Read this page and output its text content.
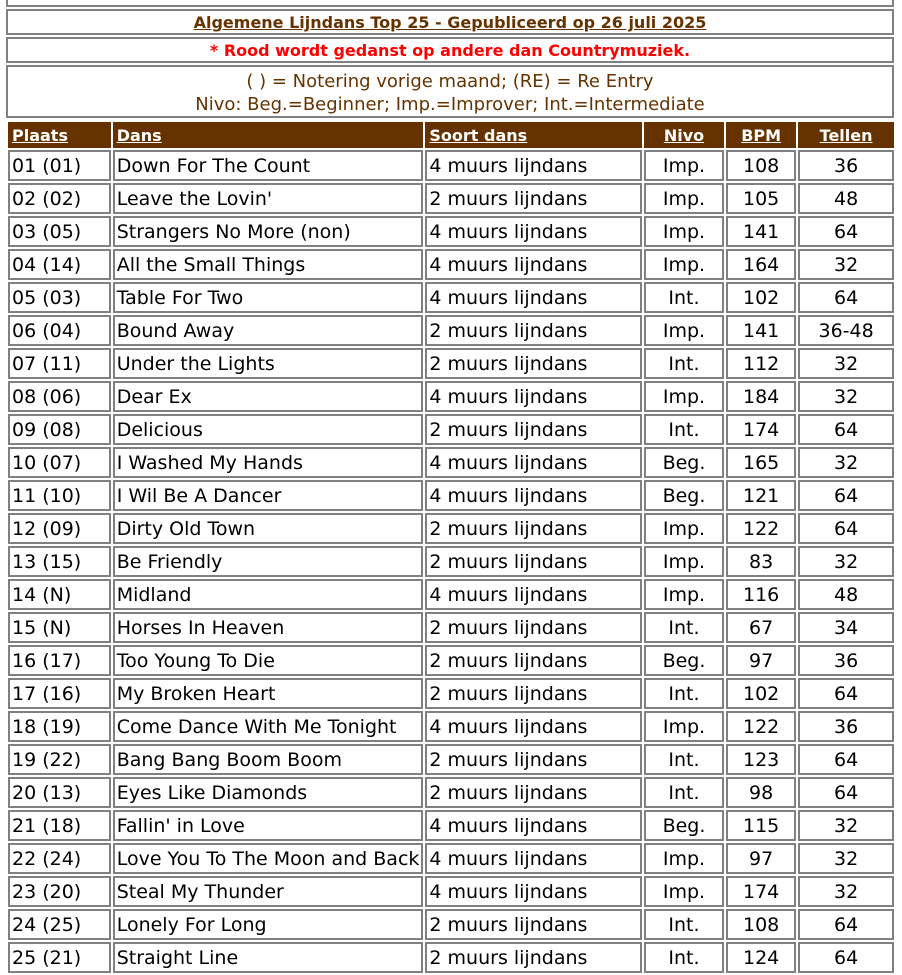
Algemene Lijndans Top 25 - Gepubliceerd op 26 juli 2025
* Rood wordt gedanst op andere dan Countrymuziek.
( ) = Notering vorige maand; (RE) = Re Entry
Nivo: Beg.=Beginner; Imp.=Improver; Int.=Intermediate
Plaats	Dans	Soort dans	Nivo	BPM	Tellen
01 (01)	Down For The Count	4 muurs lijndans	Imp.	108	36
02 (02)	Leave the Lovin'	2 muurs lijndans	Imp.	105	48
03 (05)	Strangers No More (non)	4 muurs lijndans	Imp.	141	64
04 (14)	All the Small Things	4 muurs lijndans	Imp.	164	32
05 (03)	Table For Two	4 muurs lijndans	Int.	102	64
06 (04)	Bound Away	2 muurs lijndans	Imp.	141	36-48
07 (11)	Under the Lights	2 muurs lijndans	Int.	112	32
08 (06)	Dear Ex	4 muurs lijndans	Imp.	184	32
09 (08)	Delicious	2 muurs lijndans	Int.	174	64
10 (07)	I Washed My Hands	4 muurs lijndans	Beg.	165	32
11 (10)	I Wil Be A Dancer	4 muurs lijndans	Beg.	121	64
12 (09)	Dirty Old Town	2 muurs lijndans	Imp.	122	64
13 (15)	Be Friendly	2 muurs lijndans	Imp.	83	32
14 (N)	Midland	4 muurs lijndans	Imp.	116	48
15 (N)	Horses In Heaven	2 muurs lijndans	Int.	67	34
16 (17)	Too Young To Die	2 muurs lijndans	Beg.	97	36
17 (16)	My Broken Heart	2 muurs lijndans	Int.	102	64
18 (19)	Come Dance With Me Tonight	4 muurs lijndans	Imp.	122	36
19 (22)	Bang Bang Boom Boom	2 muurs lijndans	Int.	123	64
20 (13)	Eyes Like Diamonds	2 muurs lijndans	Int.	98	64
21 (18)	Fallin' in Love	4 muurs lijndans	Beg.	115	32
22 (24)	Love You To The Moon and Back	4 muurs lijndans	Imp.	97	32
23 (20)	Steal My Thunder	4 muurs lijndans	Imp.	174	32
24 (25)	Lonely For Long	2 muurs lijndans	Int.	108	64
25 (21)	Straight Line	2 muurs lijndans	Int.	124	64
